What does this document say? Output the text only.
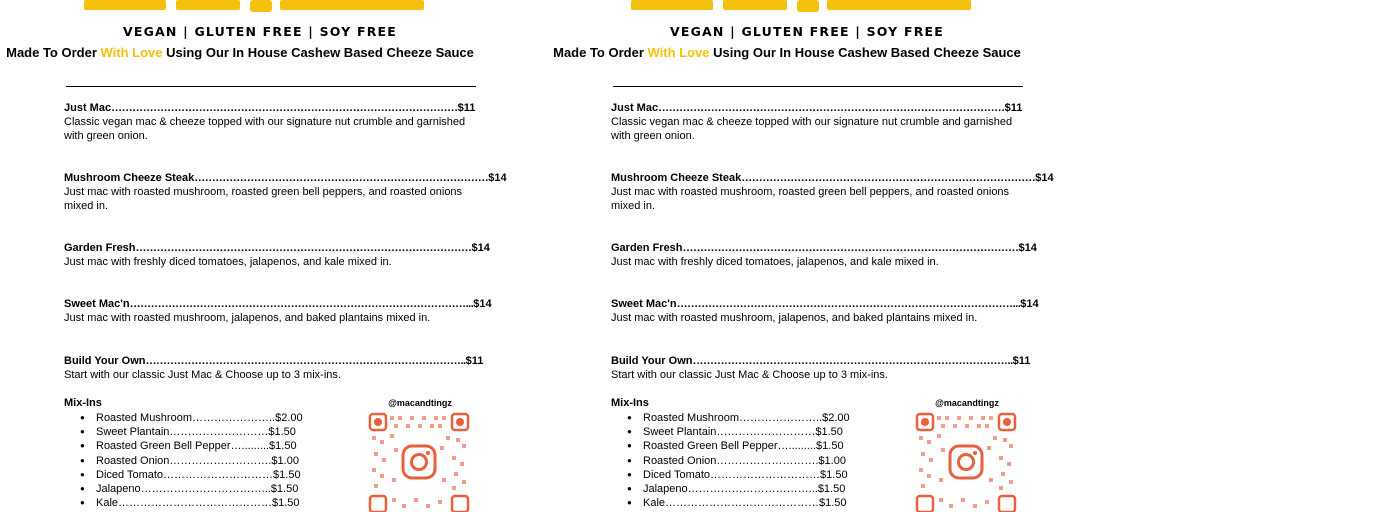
VEGAN | GLUTEN FREE | SOY FREE
Made To Order With Love Using Our In House Cashew Based Cheeze Sauce
Just Mac………………………………………………………………………………………$11
Classic vegan mac & cheeze topped with our signature nut crumble and garnished with green onion.
Mushroom Cheeze Steak…………………………………………………………………………$14
Just mac with roasted mushroom, roasted green bell peppers, and roasted onions mixed in.
Garden Fresh……………………………………………………………………………………$14
Just mac with freshly diced tomatoes, jalapenos, and kale mixed in.
Sweet Mac'n……………………………………………………………………………………...$14
Just mac with roasted mushroom, jalapenos, and baked plantains mixed in.
Build Your Own………………………………………………………………………………..$11
Start with our classic Just Mac & Choose up to 3 mix-ins.
Mix-Ins
● Roasted Mushroom…………………..$2.00
● Sweet Plantain………………………$1.50
● Roasted Green Bell Pepper….........$1.50
● Roasted Onion……………………….$1.00
● Diced Tomato…………………………$1.50
● Jalapeno……………………………...$1.50
● Kale……………………………………$1.50
@macandtingz
VEGAN | GLUTEN FREE | SOY FREE
Made To Order With Love Using Our In House Cashew Based Cheeze Sauce
Just Mac………………………………………………………………………………………$11
Classic vegan mac & cheeze topped with our signature nut crumble and garnished with green onion.
Mushroom Cheeze Steak…………………………………………………………………………$14
Just mac with roasted mushroom, roasted green bell peppers, and roasted onions mixed in.
Garden Fresh……………………………………………………………………………………$14
Just mac with freshly diced tomatoes, jalapenos, and kale mixed in.
Sweet Mac'n……………………………………………………………………………………...$14
Just mac with roasted mushroom, jalapenos, and baked plantains mixed in.
Build Your Own………………………………………………………………………………..$11
Start with our classic Just Mac & Choose up to 3 mix-ins.
Mix-Ins
● Roasted Mushroom…………………..$2.00
● Sweet Plantain………………………$1.50
● Roasted Green Bell Pepper….........$1.50
● Roasted Onion……………………….$1.00
● Diced Tomato…………………………$1.50
● Jalapeno……………………………...$1.50
● Kale……………………………………$1.50
@macandtingz
